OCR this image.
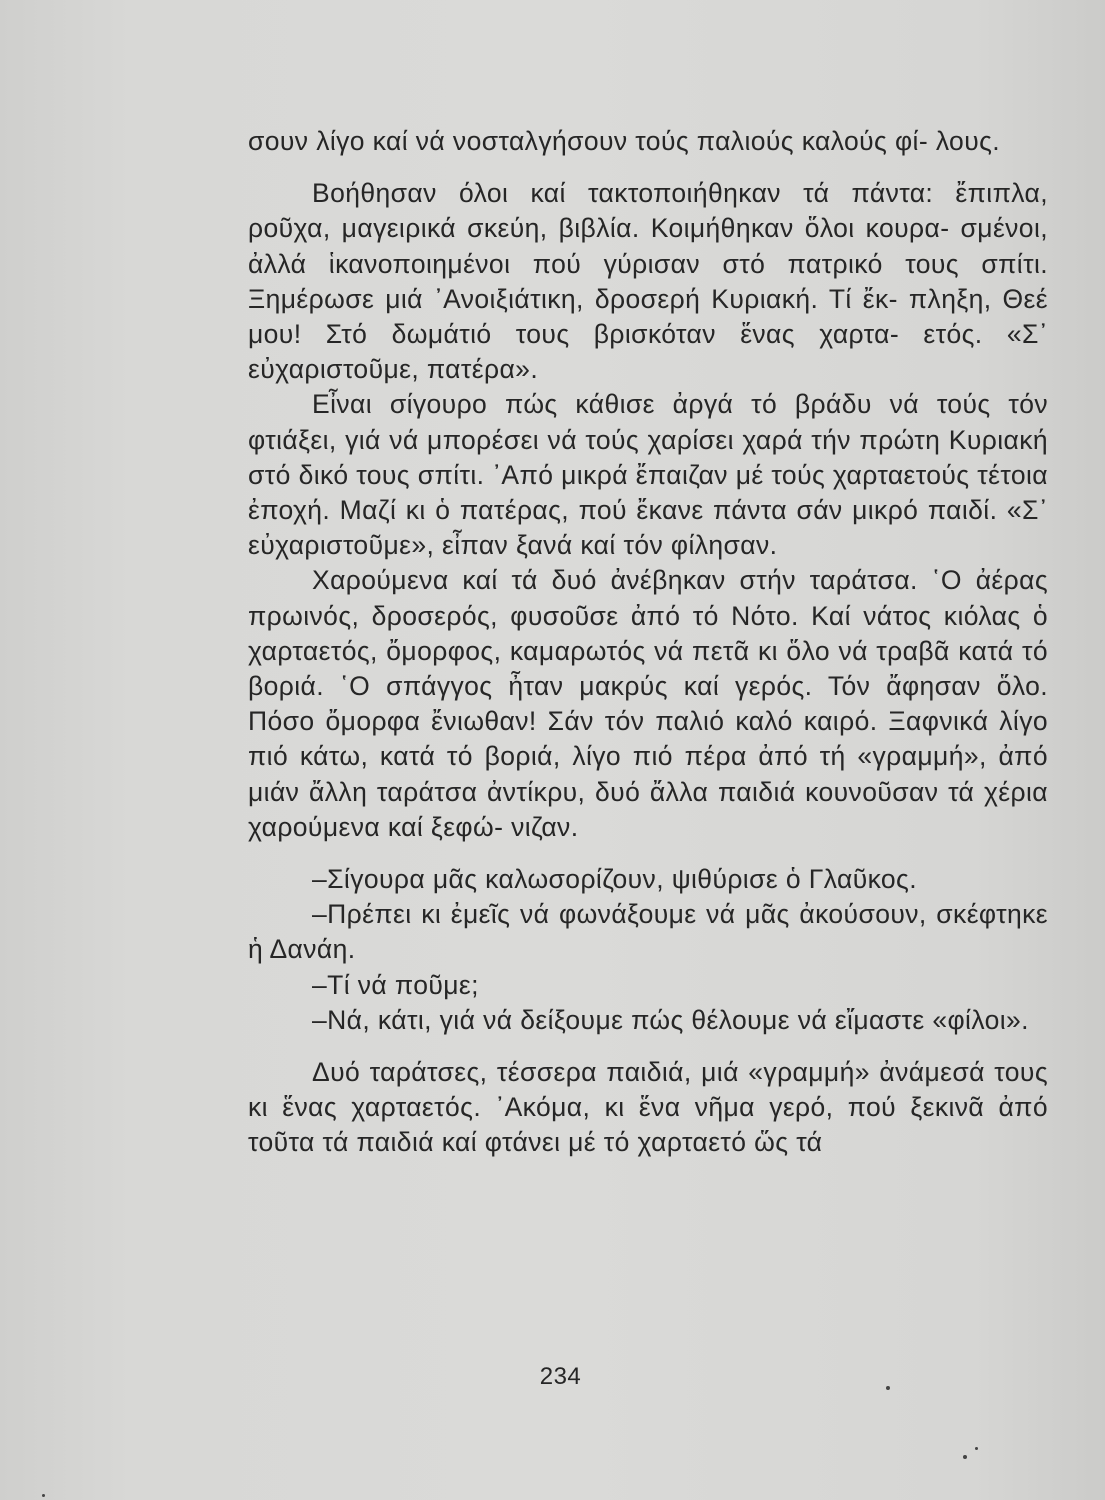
σουν λίγο καί νά νοσταλγήσουν τούς παλιούς καλούς φί- λους.

Βοήθησαν όλοι καί τακτοποιήθηκαν τά πάντα: ἔπιπλα, ροῦχα, μαγειρικά σκεύη, βιβλία. Κοιμήθηκαν ὅλοι κουρα- σμένοι, ἀλλά ἱκανοποιημένοι πού γύρισαν στό πατρικό τους σπίτι. Ξημέρωσε μιά ᾿Ανοιξιάτικη, δροσερή Κυριακή. Τί ἔκ- πληξη, Θεέ μου! Στό δωμάτιό τους βρισκόταν ἕνας χαρτα- ετός. «Σ᾿ εὐχαριστοῦμε, πατέρα».

Εἶναι σίγουρο πώς κάθισε ἀργά τό βράδυ νά τούς τόν φτιάξει, γιά νά μπορέσει νά τούς χαρίσει χαρά τήν πρώτη Κυριακή στό δικό τους σπίτι. ᾿Από μικρά ἔπαιζαν μέ τούς χαρταετούς τέτοια ἐποχή. Μαζί κι ὁ πατέρας, πού ἔκανε πάντα σάν μικρό παιδί. «Σ᾿ εὐχαριστοῦμε», εἶπαν ξανά καί τόν φίλησαν.

Χαρούμενα καί τά δυό ἀνέβηκαν στήν ταράτσα. ῾Ο ἀέρας πρωινός, δροσερός, φυσοῦσε ἀπό τό Νότο. Καί νάτος κιόλας ὁ χαρταετός, ὄμορφος, καμαρωτός νά πετᾶ κι ὅλο νά τραβᾶ κατά τό βοριά. ῾Ο σπάγγος ἦταν μακρύς καί γερός. Τόν ἄφησαν ὅλο. Πόσο ὄμορφα ἔνιωθαν! Σάν τόν παλιό καλό καιρό. Ξαφνικά λίγο πιό κάτω, κατά τό βοριά, λίγο πιό πέρα ἀπό τή «γραμμή», ἀπό μιάν ἄλλη ταράτσα ἀντίκρυ, δυό ἄλλα παιδιά κουνοῦσαν τά χέρια χαρούμενα καί ξεφώ- νιζαν.

–Σίγουρα μᾶς καλωσορίζουν, ψιθύρισε ὁ Γλαῦκος.

–Πρέπει κι ἐμεῖς νά φωνάξουμε νά μᾶς ἀκούσουν, σκέφτηκε ἡ Δανάη.

–Τί νά ποῦμε;

–Νά, κάτι, γιά νά δείξουμε πώς θέλουμε νά εἴμαστε «φίλοι».

Δυό ταράτσες, τέσσερα παιδιά, μιά «γραμμή» ἀνάμεσά τους κι ἕνας χαρταετός. ᾿Ακόμα, κι ἕνα νῆμα γερό, πού ξεκινᾶ ἀπό τοῦτα τά παιδιά καί φτάνει μέ τό χαρταετό ὥς τά

234
